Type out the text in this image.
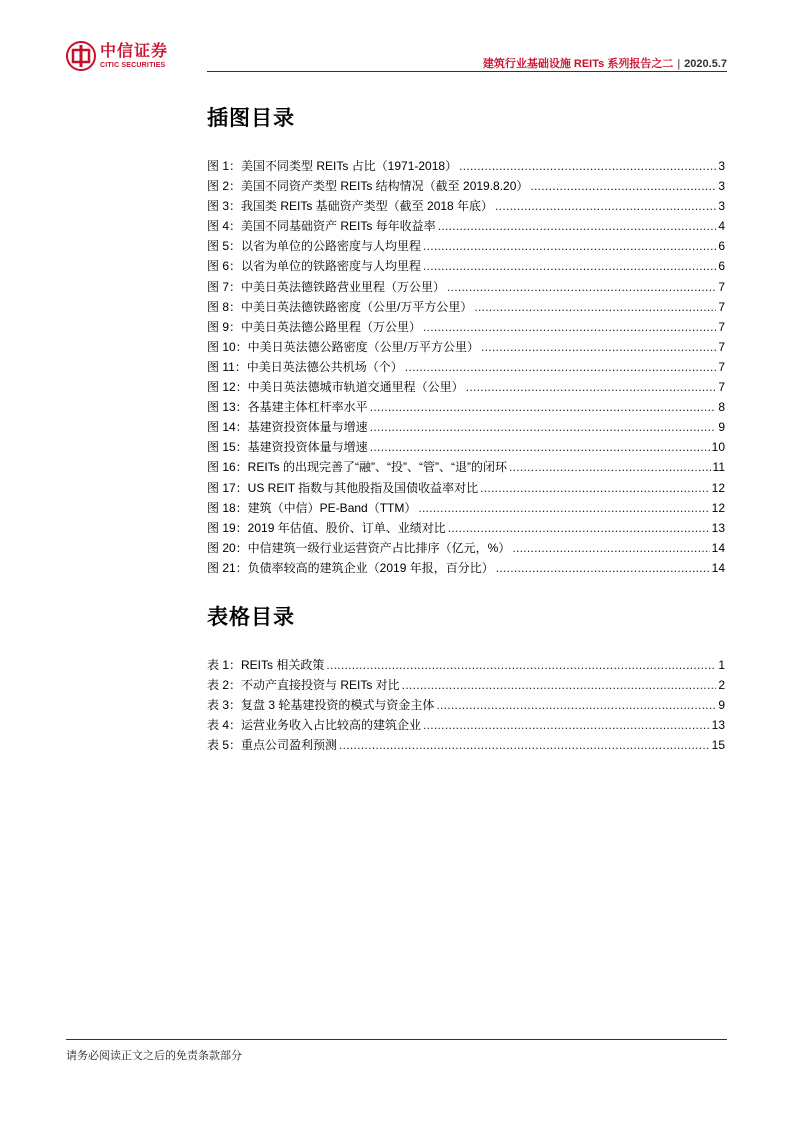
中信证券
CITIC SECURITIES	建筑行业基础设施 REITs 系列报告之二 | 2020.5.7
插图目录
图 1：美国不同类型 REITs 占比（1971-2018） .....	3
图 2：美国不同资产类型 REITs 结构情况（截至 2019.8.20） .....	3
图 3：我国类 REITs 基础资产类型（截至 2018 年底） .....	3
图 4：美国不同基础资产 REITs 每年收益率 .....	4
图 5：以省为单位的公路密度与人均里程 .....	6
图 6：以省为单位的铁路密度与人均里程 .....	6
图 7：中美日英法德铁路营业里程（万公里） .....	7
图 8：中美日英法德铁路密度（公里/万平方公里） .....	7
图 9：中美日英法德公路里程（万公里） .....	7
图 10：中美日英法德公路密度（公里/万平方公里） .....	7
图 11：中美日英法德公共机场（个） .....	7
图 12：中美日英法德城市轨道交通里程（公里） .....	7
图 13：各基建主体杠杆率水平 .....	8
图 14：基建资投资体量与增速 .....	9
图 15：基建资投资体量与增速 .....	10
图 16：REITs 的出现完善了“融”、“投”、“管”、“退”的闭环 .....	11
图 17：US REIT 指数与其他股指及国债收益率对比 .....	12
图 18：建筑（中信）PE-Band（TTM） .....	12
图 19：2019 年估值、股价、订单、业绩对比 .....	13
图 20：中信建筑一级行业运营资产占比排序（亿元，%） .....	14
图 21：负债率较高的建筑企业（2019 年报，百分比） .....	14
表格目录
表 1：REITs 相关政策 .....	1
表 2：不动产直接投资与 REITs 对比 .....	2
表 3：复盘 3 轮基建投资的模式与资金主体 .....	9
表 4：运营业务收入占比较高的建筑企业 .....	13
表 5：重点公司盈利预测 .....	15
请务必阅读正文之后的免责条款部分
